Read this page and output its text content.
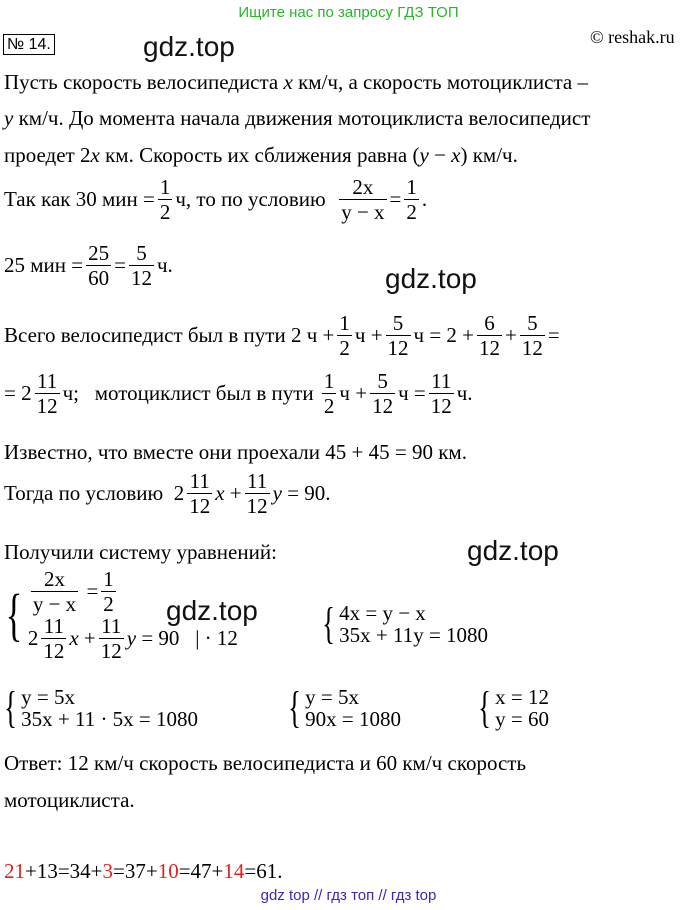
Ищите нас по запросу ГДЗ ТОП
№ 14.	© reshak.ru
gdz.top
gdz.top
gdz.top
gdz.top
Пусть скорость велосипедиста x км/ч, а скорость мотоциклиста –
y км/ч. До момента начала движения мотоциклиста велосипедист
проедет 2x км. Скорость их сближения равна (y − x) км/ч.
Так как 30 мин = $\frac{1}{2}$ ч , то по условию
$\frac{2x}{y - x} = \frac{1}{2}$ .
25 мин = $\frac{25}{60} = \frac{5}{12}$ ч .
Всего велосипедист был в пути 2 $ч + \frac{1}{2}$ $ч + \frac{5}{12}$ $ч = 2 + \frac{6}{12} + \frac{5}{12}$ =
= $2 \frac{11}{12}$ ч ; мотоциклист был в пути
$\frac{1}{2}$ $ч + \frac{5}{12}$ $ч = \frac{11}{12}$ ч .
Известно, что вместе они проехали 45 + 45 = 90 км.
Тогда по условию $2 \frac{11}{12}$ $x + \frac{11}{12}$ y = 90.
Получили систему уравнений:
{ $\frac{2x}{y - x} = \frac{1}{2}$
$2 \frac{11}{12}$ $x + \frac{11}{12}$ y
= 90
| · 12 { 4x = y − x
35x + 11y = 1080
{ y = 5x
35x + 11 · 5x = 1080 { y = 5x
90x = 1080 { x = 12
y = 60
Ответ: 12 км/ч скорость велосипедиста и 60 км/ч скорость
мотоциклиста.
21+13=34+3=37+10=47+14=61.
gdz top // гдз топ // гдз top
